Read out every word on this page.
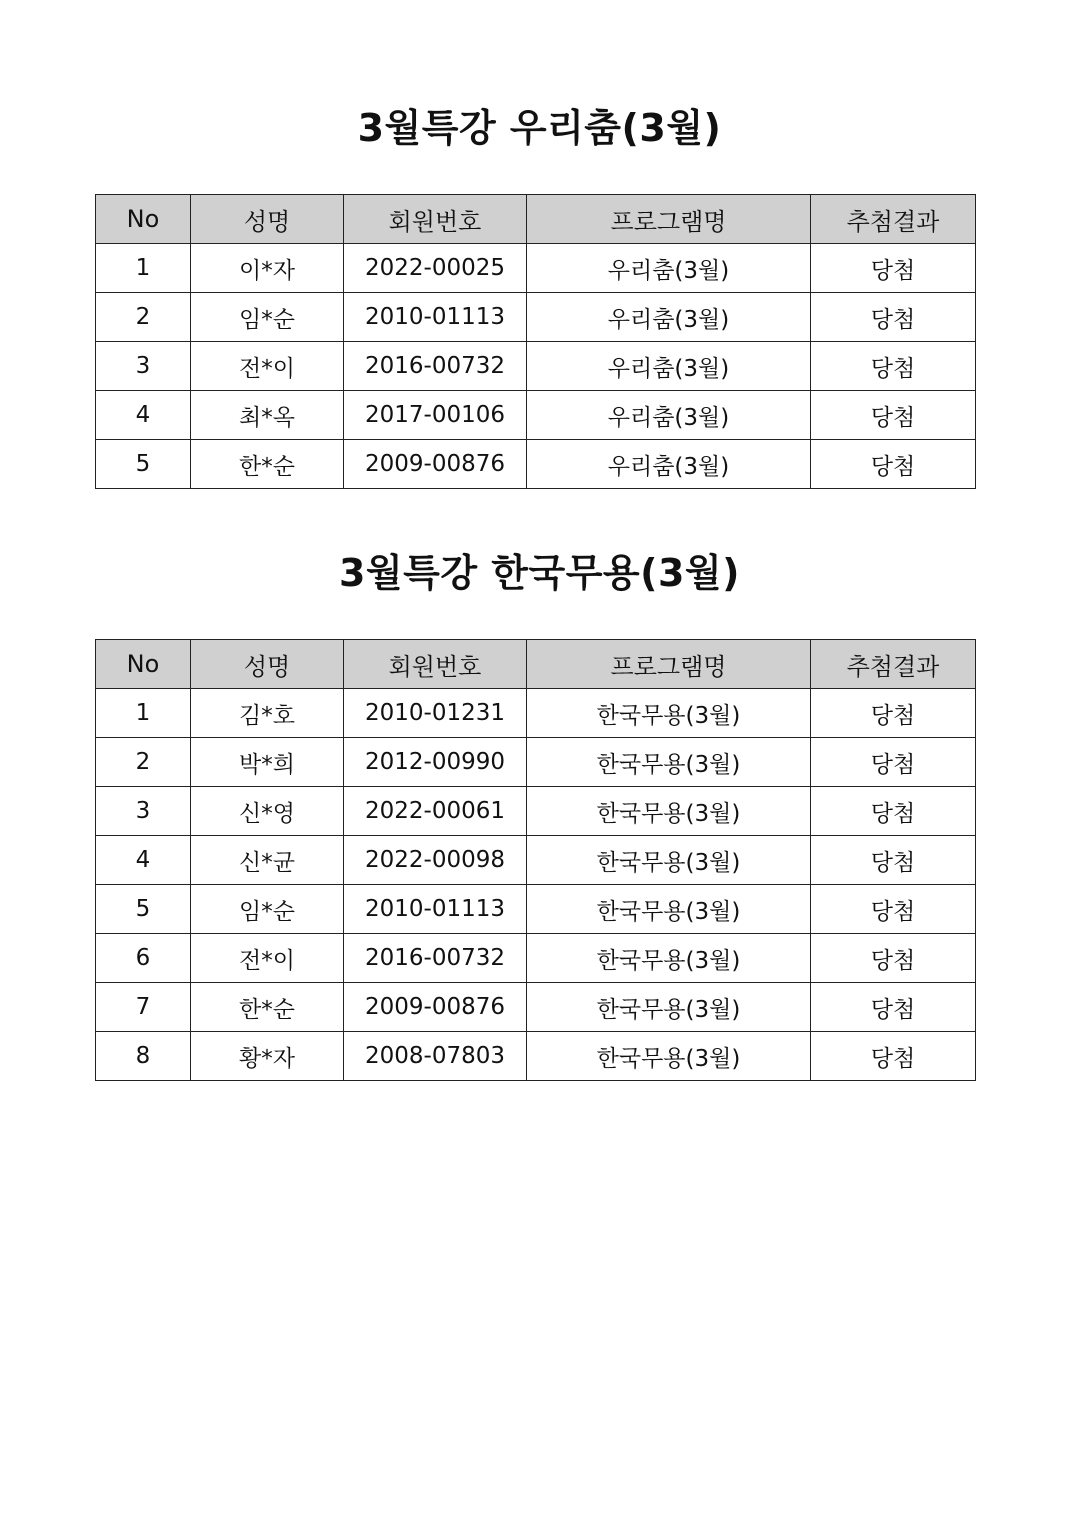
3월특강 우리춤(3월)
No	성명	회원번호	프로그램명	추첨결과
1	이*자	2022-00025	우리춤(3월)	당첨
2	임*순	2010-01113	우리춤(3월)	당첨
3	전*이	2016-00732	우리춤(3월)	당첨
4	최*옥	2017-00106	우리춤(3월)	당첨
5	한*순	2009-00876	우리춤(3월)	당첨
3월특강 한국무용(3월)
No	성명	회원번호	프로그램명	추첨결과
1	김*호	2010-01231	한국무용(3월)	당첨
2	박*희	2012-00990	한국무용(3월)	당첨
3	신*영	2022-00061	한국무용(3월)	당첨
4	신*균	2022-00098	한국무용(3월)	당첨
5	임*순	2010-01113	한국무용(3월)	당첨
6	전*이	2016-00732	한국무용(3월)	당첨
7	한*순	2009-00876	한국무용(3월)	당첨
8	황*자	2008-07803	한국무용(3월)	당첨
